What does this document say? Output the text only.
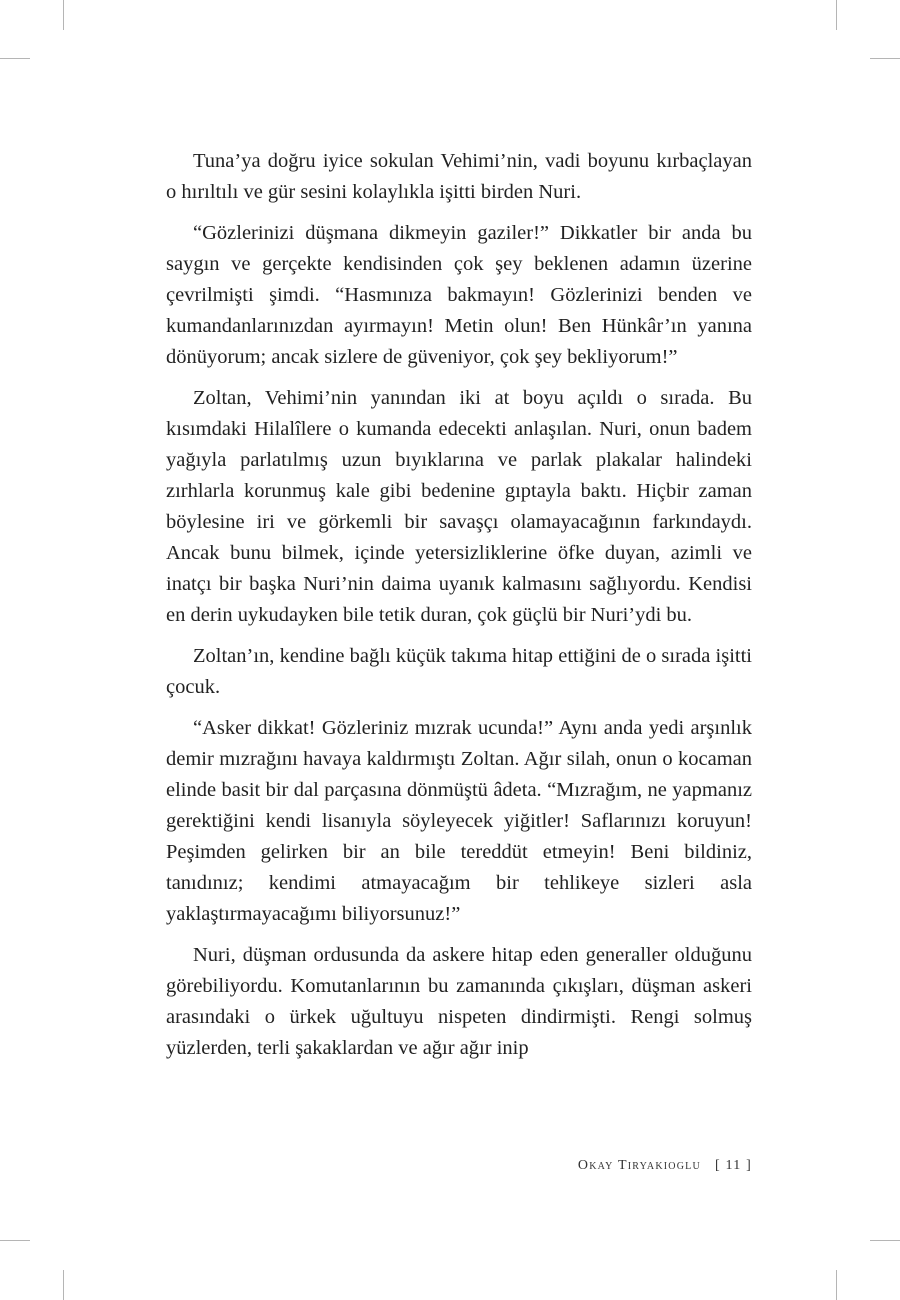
Tuna’ya doğru iyice sokulan Vehimi’nin, vadi boyunu kırbaçlayan o hırıltılı ve gür sesini kolaylıkla işitti birden Nuri.

“Gözlerinizi düşmana dikmeyin gaziler!” Dikkatler bir anda bu saygın ve gerçekte kendisinden çok şey beklenen adamın üzerine çevrilmişti şimdi. “Hasmınıza bakmayın! Gözlerinizi benden ve kumandanlarınızdan ayırmayın! Metin olun! Ben Hünkâr’ın yanına dönüyorum; ancak sizlere de güveniyor, çok şey bekliyorum!”

Zoltan, Vehimi’nin yanından iki at boyu açıldı o sırada. Bu kısımdaki Hilalîlere o kumanda edecekti anlaşılan. Nuri, onun badem yağıyla parlatılmış uzun bıyıklarına ve parlak plakalar halindeki zırhlarla korunmuş kale gibi bedenine gıptayla baktı. Hiçbir zaman böylesine iri ve görkemli bir savaşçı olamayacağının farkındaydı. Ancak bunu bilmek, içinde yetersizliklerine öfke duyan, azimli ve inatçı bir başka Nuri’nin daima uyanık kalmasını sağlıyordu. Kendisi en derin uykudayken bile tetik duran, çok güçlü bir Nuri’ydi bu.

Zoltan’ın, kendine bağlı küçük takıma hitap ettiğini de o sırada işitti çocuk.

“Asker dikkat! Gözleriniz mızrak ucunda!” Aynı anda yedi arşınlık demir mızrağını havaya kaldırmıştı Zoltan. Ağır silah, onun o kocaman elinde basit bir dal parçasına dönmüştü âdeta. “Mızrağım, ne yapmanız gerektiğini kendi lisanıyla söyleyecek yiğitler! Saflarınızı koruyun! Peşimden gelirken bir an bile tereddüt etmeyin! Beni bildiniz, tanıdınız; kendimi atmayacağım bir tehlikeye sizleri asla yaklaştırmayacağımı biliyorsunuz!”

Nuri, düşman ordusunda da askere hitap eden generaller olduğunu görebiliyordu. Komutanlarının bu zamanında çıkışları, düşman askeri arasındaki o ürkek uğultuyu nispeten dindirmişti. Rengi solmuş yüzlerden, terli şakaklardan ve ağır ağır inip

Okay Tiryakioglu [ 11 ]
